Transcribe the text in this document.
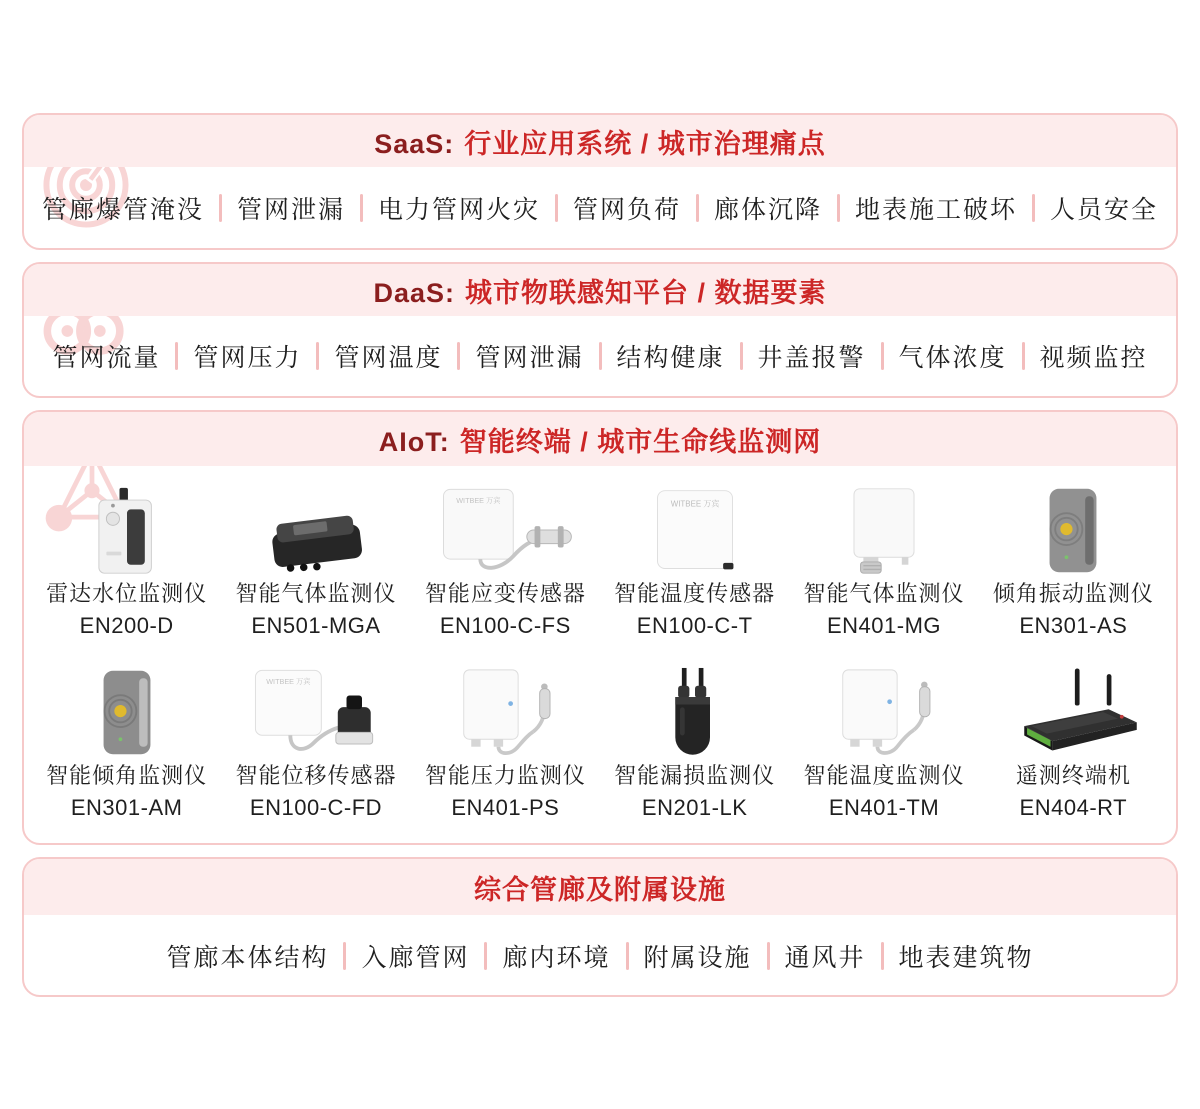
SaaS: 行业应用系统 / 城市治理痛点
管廊爆管淹没 管网泄漏 电力管网火灾 管网负荷 廊体沉降 地表施工破坏 人员安全
DaaS: 城市物联感知平台 / 数据要素
管网流量 管网压力 管网温度 管网泄漏 结构健康 井盖报警 气体浓度 视频监控
AIoT: 智能终端 / 城市生命线监测网
雷达水位监测仪
EN200-D
智能气体监测仪
EN501-MGA
WITBEE 万宾
智能应变传感器
EN100-C-FS
WITBEE 万宾
智能温度传感器
EN100-C-T
智能气体监测仪
EN401-MG
倾角振动监测仪
EN301-AS
智能倾角监测仪
EN301-AM
WITBEE 万宾
智能位移传感器
EN100-C-FD
智能压力监测仪
EN401-PS
智能漏损监测仪
EN201-LK
智能温度监测仪
EN401-TM
遥测终端机
EN404-RT
综合管廊及附属设施
管廊本体结构 入廊管网 廊内环境 附属设施 通风井 地表建筑物
